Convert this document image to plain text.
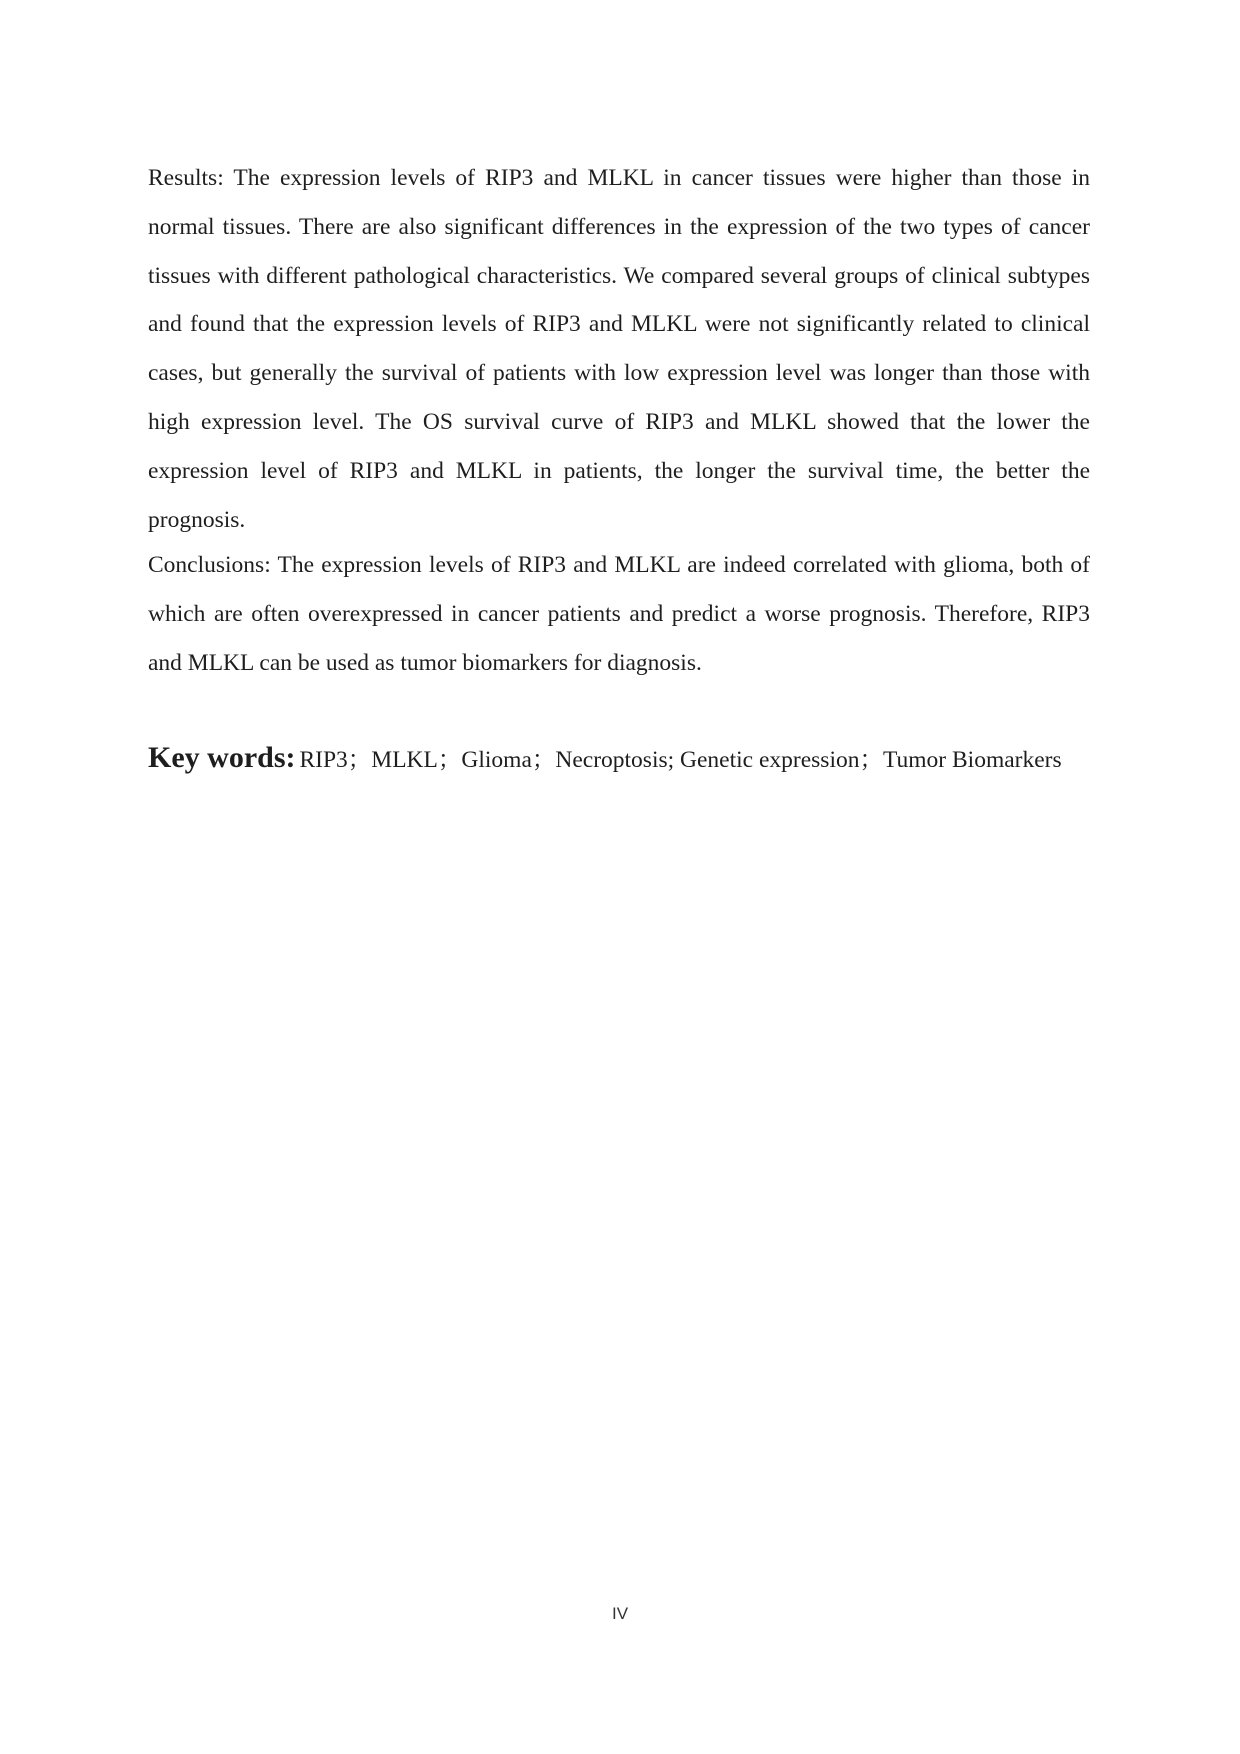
Results: The expression levels of RIP3 and MLKL in cancer tissues were higher than those in normal tissues. There are also significant differences in the expression of the two types of cancer tissues with different pathological characteristics. We compared several groups of clinical subtypes and found that the expression levels of RIP3 and MLKL were not significantly related to clinical cases, but generally the survival of patients with low expression level was longer than those with high expression level. The OS survival curve of RIP3 and MLKL showed that the lower the expression level of RIP3 and MLKL in patients, the longer the survival time, the better the prognosis.

Conclusions: The expression levels of RIP3 and MLKL are indeed correlated with glioma, both of which are often overexpressed in cancer patients and predict a worse prognosis. Therefore, RIP3 and MLKL can be used as tumor biomarkers for diagnosis.

Key words: RIP3；MLKL；Glioma；Necroptosis; Genetic expression；Tumor Biomarkers

IV
